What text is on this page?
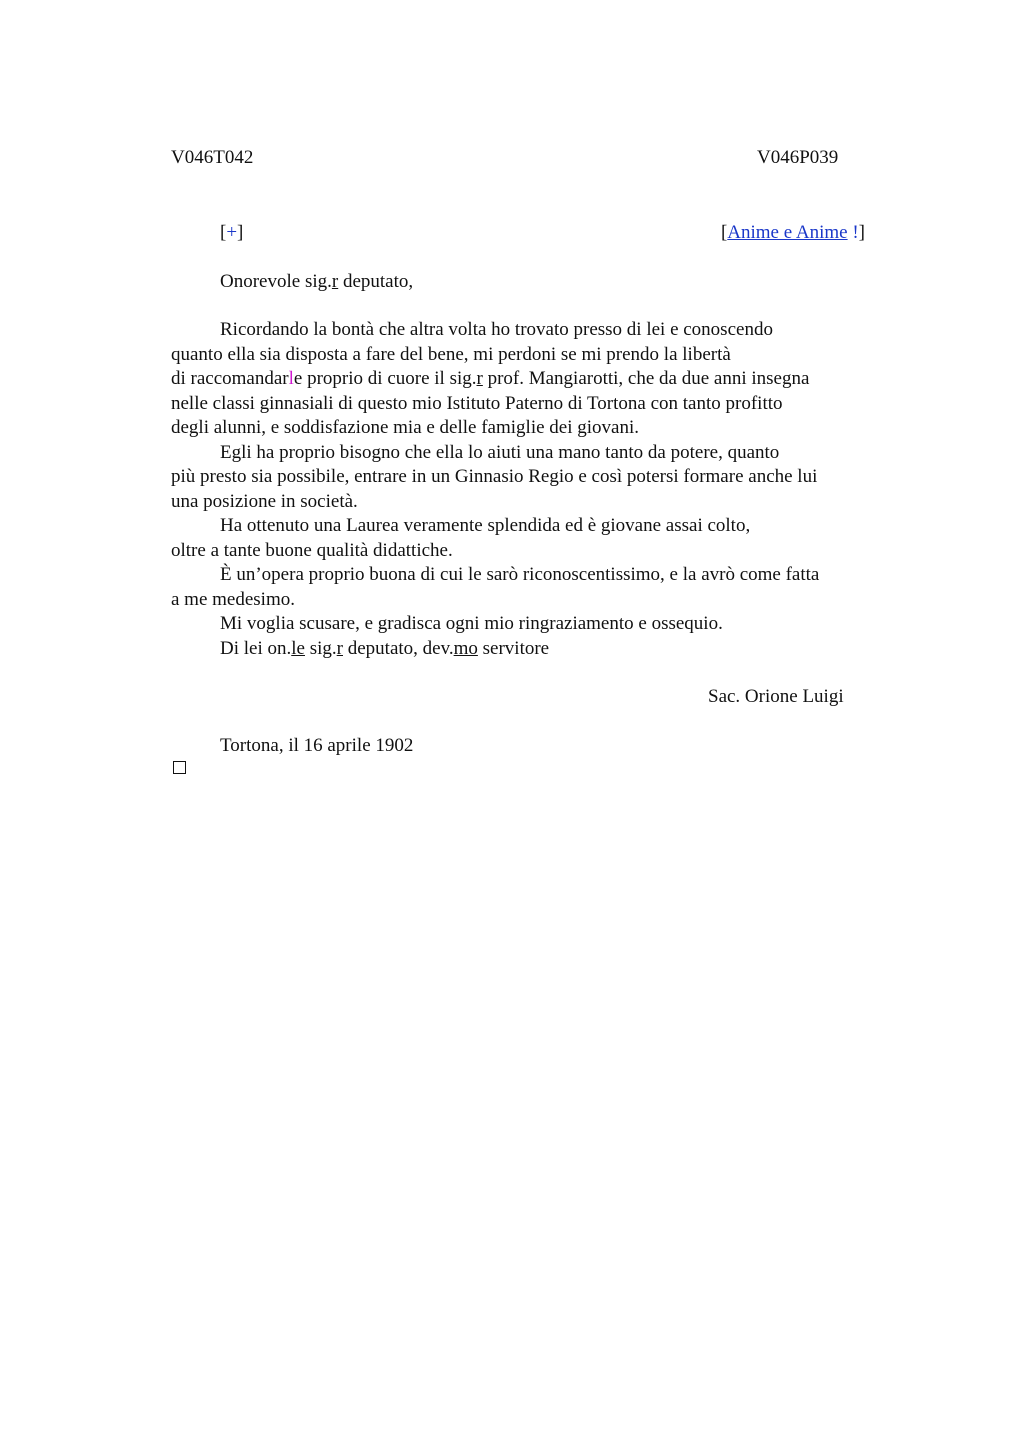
V046T042	V046P039
[+]	[Anime e Anime !]
Onorevole sig.r deputato,
Ricordando la bontà che altra volta ho trovato presso di lei e conoscendo
quanto ella sia disposta a fare del bene, mi perdoni se mi prendo la libertà
di raccomandarle proprio di cuore il sig.r prof. Mangiarotti, che da due anni insegna
nelle classi ginnasiali di questo mio Istituto Paterno di Tortona con tanto profitto
degli alunni, e soddisfazione mia e delle famiglie dei giovani.
Egli ha proprio bisogno che ella lo aiuti una mano tanto da potere, quanto
più presto sia possibile, entrare in un Ginnasio Regio e così potersi formare anche lui
una posizione in società.
Ha ottenuto una Laurea veramente splendida ed è giovane assai colto,
oltre a tante buone qualità didattiche.
È un’opera proprio buona di cui le sarò riconoscentissimo, e la avrò come fatta
a me medesimo.
Mi voglia scusare, e gradisca ogni mio ringraziamento e ossequio.
Di lei on.le sig.r deputato, dev.mo servitore
Sac. Orione Luigi
Tortona, il 16 aprile 1902
